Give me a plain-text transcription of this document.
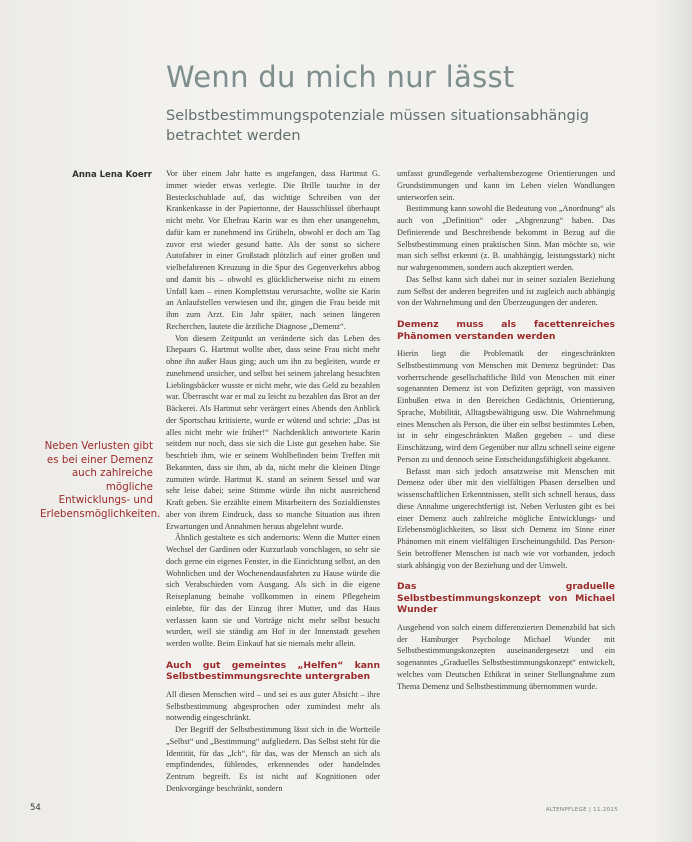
Wenn du mich nur lässt
Selbstbestimmungspotenziale müssen situationsabhängig betrachtet werden
Anna Lena Koerr
Neben Verlusten gibt es bei einer Demenz auch zahlreiche mögliche Entwicklungs- und Erlebensmöglichkeiten.

Vor über einem Jahr hatte es angefangen, dass Hartmut G. immer wieder etwas verlegte. Die Brille tauchte in der Besteckschublade auf, das wichtige Schreiben von der Krankenkasse in der Papiertonne, der Hausschlüssel überhaupt nicht mehr. Vor Ehefrau Karin war es ihm eher unangenehm, dafür kam er zunehmend ins Grübeln, obwohl er doch am Tag zuvor erst wieder gesund hatte. Als der sonst so sichere Autofahrer in einer Großstadt plötzlich auf einer großen und vielbefahrenen Kreuzung in die Spur des Gegenverkehrs abbog und damit bis – obwohl es glücklicherweise nicht zu einem Unfall kam – einen Komplettstau verursachte, wollte sie Karin an Anlaufstellen verwiesen und ihr, gingen die Frau beide mit ihm zum Arzt. Ein Jahr später, nach seinen längeren Recherchen, lautete die ärztliche Diagnose „Demenz“.

Von diesem Zeitpunkt an veränderte sich das Leben des Ehepaars G. Hartmut wollte aber, dass seine Frau nicht mehr ohne ihn außer Haus ging; auch um ihn zu begleiten, wurde er zunehmend unsicher, und selbst bei seinem jahrelang besuchten Lieblingsbäcker wusste er nicht mehr, wie das Geld zu bezahlen war. Überrascht war er mal zu leicht zu bezahlen das Brot an der Bäckerei. Als Hartmut sehr verärgert eines Abends den Anblick der Sportschau kritisierte, wurde er wütend und schrie: „Das ist alles nicht mehr wie früher!“ Nachdenklich antwortete Karin seitdem nur noch, dass sie sich die Liste gut gesehen habe. Sie beschrieb ihm, wie er seinem Wohlbefinden beim Treffen mit Bekannten, dass sie ihm, ab da, nicht mehr die kleinen Dinge zumuten würde. Hartmut K. stand an seinem Sessel und war sehr leise dabei; seine Stimme würde ihn nicht ausreichend Kraft geben. Sie erzählte einem Mitarbeitern des Sozialdienstes aber von ihrem Eindruck, dass so manche Situation aus ihren Erwartungen und Annahmen heraus abgelehnt wurde.

Ähnlich gestaltete es sich andernorts: Wenn die Mutter einen Wechsel der Gardinen oder Kurzurlaub vorschlagen, so sehr sie doch gerne ein eigenes Fenster, in die Einrichtung selbst, an den Wohnlichen und der Wochenendausfahrten zu Hause würde die sich Verabschieden vom Ausgang. Als sich in die eigene Reiseplanung beinahe vollkommen in einem Pflegeheim einlebte, für das der Einzug ihrer Mutter, und das Haus verlassen kann sie und Vorträge nicht mehr selbst besucht wurden, weil sie ständig am Hof in der Innenstadt gesehen werden wollte. Beim Einkauf hat sie niemals mehr allein.

Auch gut gemeintes „Helfen“ kann Selbstbestimmungsrechte untergraben

All diesen Menschen wird – und sei es aus guter Absicht – ihre Selbstbestimmung abgesprochen oder zumindest mehr als notwendig eingeschränkt.

Der Begriff der Selbstbestimmung lässt sich in die Wortteile „Selbst“ und „Bestimmung“ aufgliedern. Das Selbst steht für die Identität, für das „Ich“, für das, was der Mensch an sich als empfindendes, fühlendes, erkennendes oder handelndes Zentrum begreift. Es ist nicht auf Kognitionen oder Denkvorgänge beschränkt, sondern

umfasst grundlegende verhaltensbezogene Orientierungen und Grundstimmungen und kann im Leben vielen Wandlungen unterworfen sein.

Bestimmung kann sowohl die Bedeutung von „Anordnung“ als auch von „Definition“ oder „Abgrenzung“ haben. Das Definierende und Beschreibende bekommt in Bezug auf die Selbstbestimmung einen praktischen Sinn. Man möchte so, wie man sich selbst erkennt (z. B. unabhängig, leistungsstark) nicht nur wahrgenommen, sondern auch akzeptiert werden.

Das Selbst kann sich dabei nur in seiner sozialen Beziehung zum Selbst der anderen begreifen und ist zugleich auch abhängig von der Wahrnehmung und den Überzeugungen der anderen.

Demenz muss als facettenreiches Phänomen verstanden werden

Hierin liegt die Problematik der eingeschränkten Selbstbestimmung von Menschen mit Demenz begründet: Das vorherrschende gesellschaftliche Bild von Menschen mit einer sogenannten Demenz ist von Defiziten geprägt, von massiven Einbußen etwa in den Bereichen Gedächtnis, Orientierung, Sprache, Mobilität, Alltagsbewältigung usw. Die Wahrnehmung eines Menschen als Person, die über ein selbst bestimmtes Leben, ist in sehr eingeschränkten Maßen gegeben – und diese Einschätzung, wird dem Gegenüber nur allzu schnell seine eigene Person zu und dennoch seine Entscheidungsfähigkeit abgekannt.

Befasst man sich jedoch ansatzweise mit Menschen mit Demenz oder über mit den vielfältigen Phasen derselben und wissenschaftlichen Erkenntnissen, stellt sich schnell heraus, dass diese Annahme ungerechtfertigt ist. Neben Verlusten gibt es bei einer Demenz auch zahlreiche mögliche Entwicklungs- und Erlebensmöglichkeiten, so lässt sich Demenz im Sinne einer Phänomen mit einem vielfältigen Erscheinungsbild. Das Person-Sein betroffener Menschen ist nach wie vor vorhanden, jedoch stark abhängig von der Beziehung und der Umwelt.

Das graduelle Selbstbestimmungskonzept von Michael Wunder

Ausgehend von solch einem differenzierten Demenzbild hat sich der Hamburger Psychologe Michael Wunder mit Selbstbestimmungskonzepten auseinandergesetzt und ein sogenanntes „Graduelles Selbstbestimmungskonzept“ entwickelt, welches vom Deutschen Ethikrat in seiner Stellungnahme zum Thema Demenz und Selbstbestimmung übernommen wurde.

54	ALTENPFLEGE | 11.2015
